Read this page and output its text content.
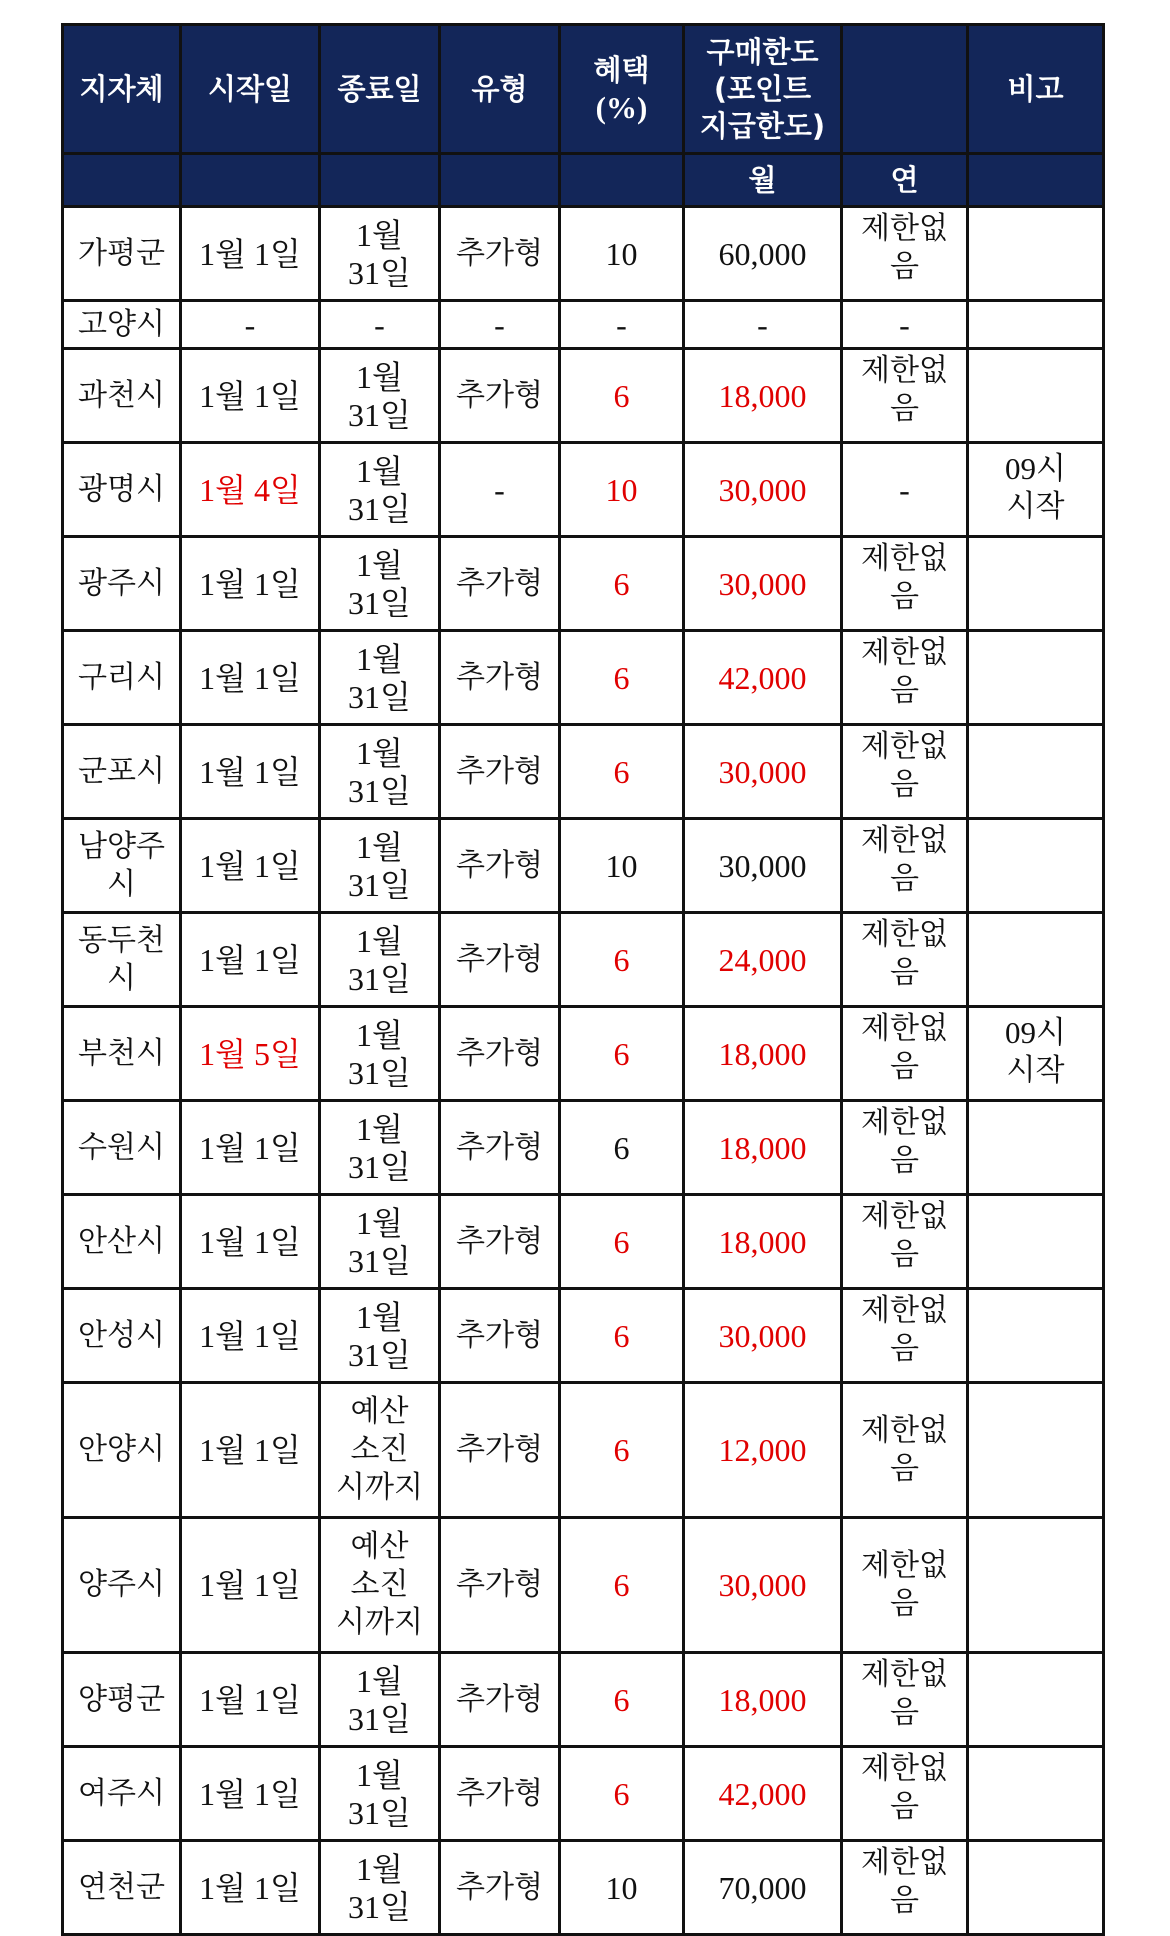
지자체	시작일	종료일	유형	혜택
(%)	구매한도
(포인트
지급한도)		비고
					월	연	
가평군	1월 1일	1월
31일	추가형	10	60,000	제한없
음	

고양시	-	-	-	-	-	-	
과천시	1월 1일	1월
31일	추가형	6	18,000	제한없
음	

광명시	1월 4일	1월
31일	-	10	30,000	-	09시
시작

광주시	1월 1일	1월
31일	추가형	6	30,000	제한없
음	

구리시	1월 1일	1월
31일	추가형	6	42,000	제한없
음	

군포시	1월 1일	1월
31일	추가형	6	30,000	제한없
음	

남양주
시	1월 1일	1월
31일	추가형	10	30,000	제한없
음	

동두천
시	1월 1일	1월
31일	추가형	6	24,000	제한없
음	

부천시	1월 5일	1월
31일	추가형	6	18,000	제한없
음	09시
시작

수원시	1월 1일	1월
31일	추가형	6	18,000	제한없
음	

안산시	1월 1일	1월
31일	추가형	6	18,000	제한없
음	

안성시	1월 1일	1월
31일	추가형	6	30,000	제한없
음	

안양시	1월 1일	예산
소진
시까지	추가형	6	12,000	제한없
음	

양주시	1월 1일	예산
소진
시까지	추가형	6	30,000	제한없
음	

양평군	1월 1일	1월
31일	추가형	6	18,000	제한없
음	

여주시	1월 1일	1월
31일	추가형	6	42,000	제한없
음	

연천군	1월 1일	1월
31일	추가형	10	70,000	제한없
음	
